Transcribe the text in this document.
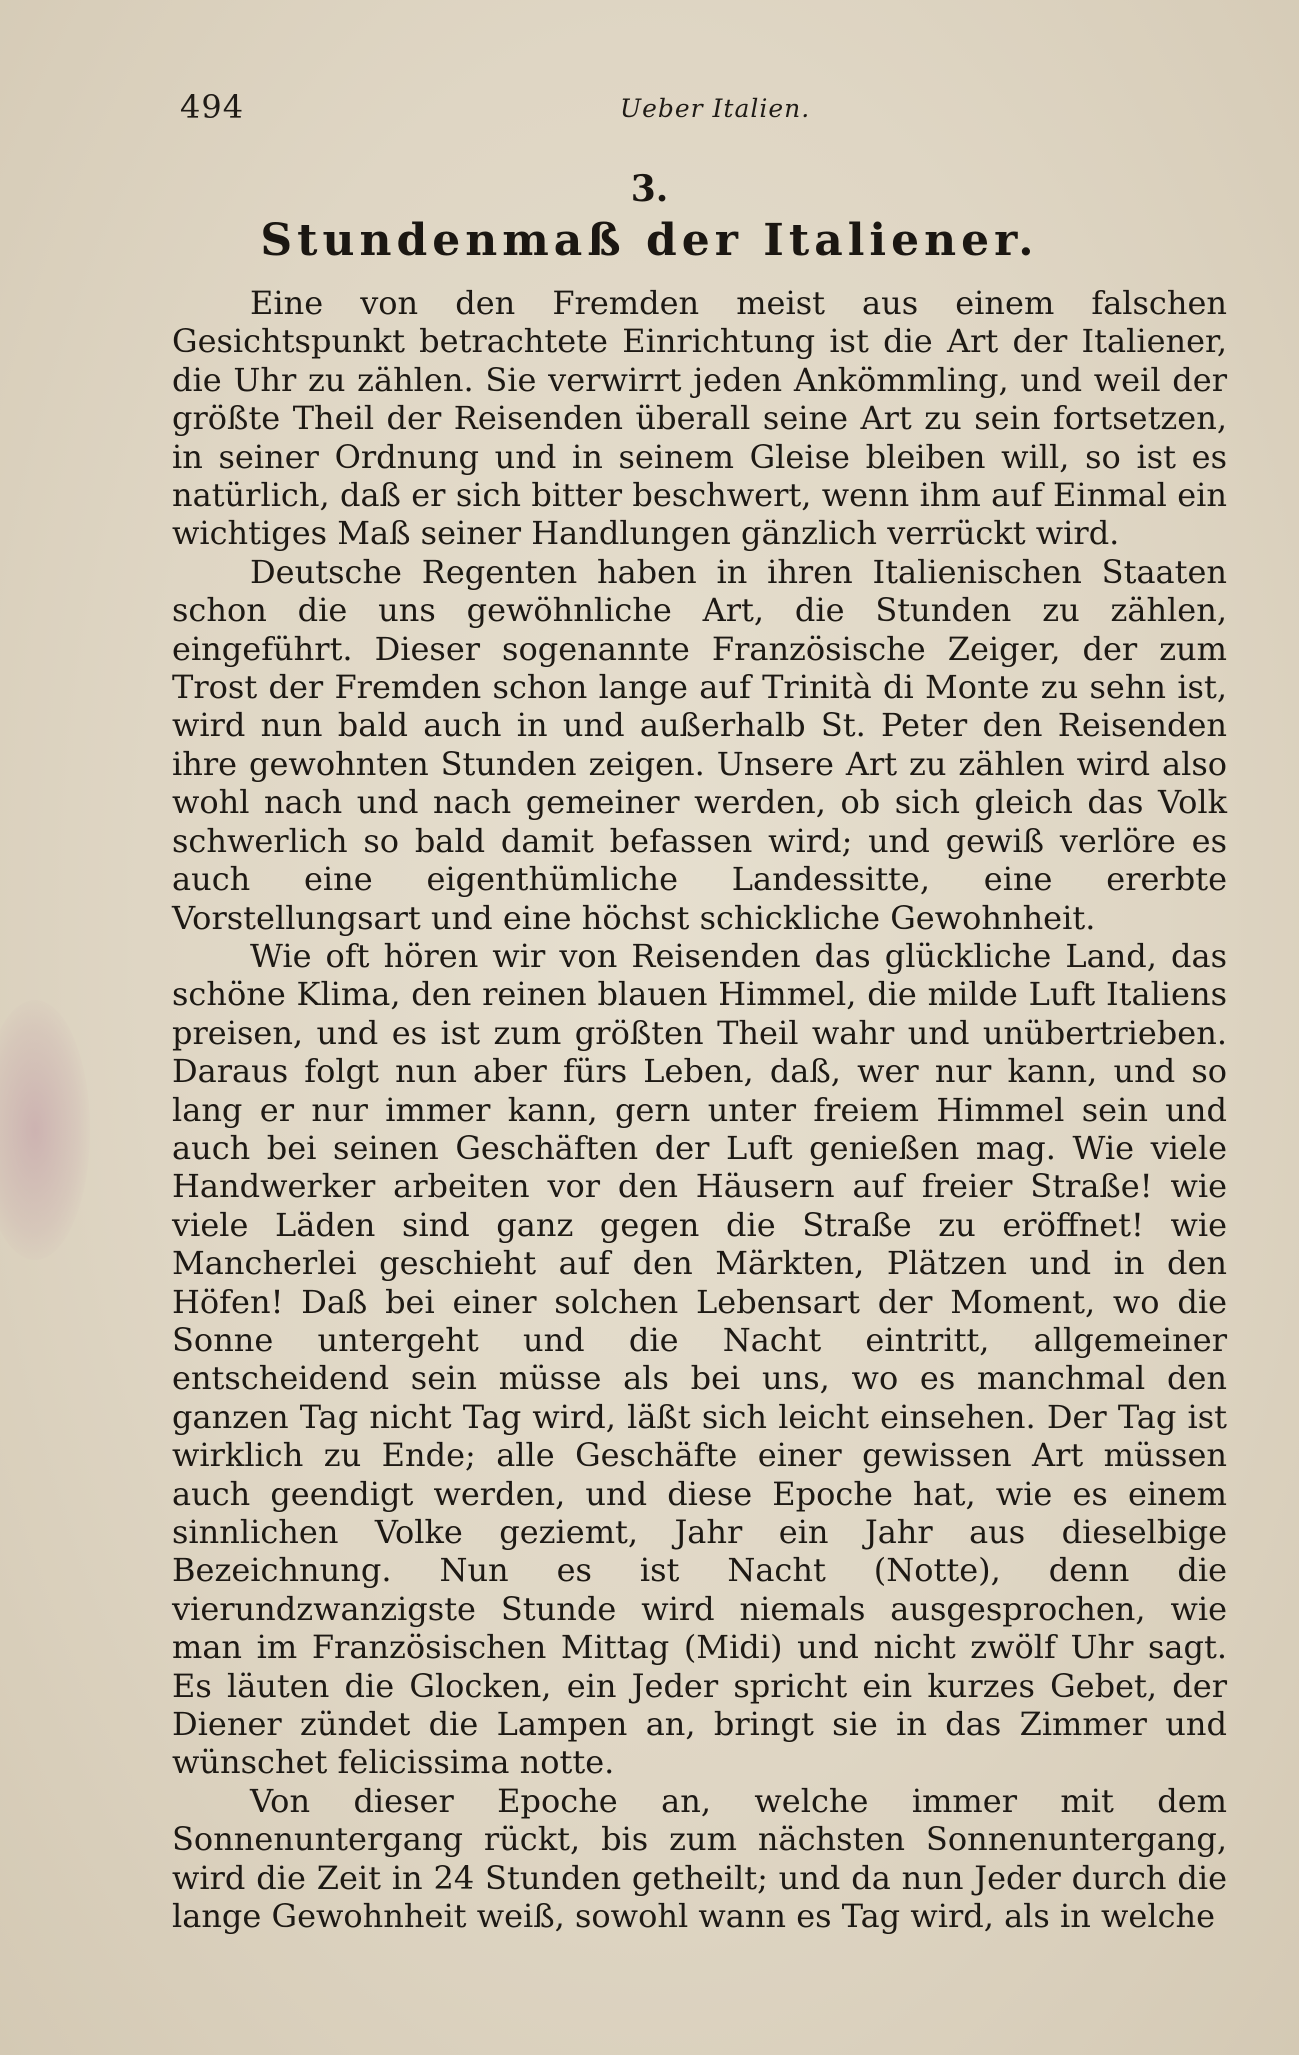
494	Ueber Italien.
3.
Stundenmaß der Italiener.

Eine von den Fremden meist aus einem falschen Gesichtspunkt betrachtete Einrichtung ist die Art der Italiener, die Uhr zu zählen. Sie verwirrt jeden Ankömmling, und weil der größte Theil der Reisenden überall seine Art zu sein fortsetzen, in seiner Ordnung und in seinem Gleise bleiben will, so ist es natürlich, daß er sich bitter beschwert, wenn ihm auf Einmal ein wichtiges Maß seiner Handlungen gänzlich verrückt wird.

Deutsche Regenten haben in ihren Italienischen Staaten schon die uns gewöhnliche Art, die Stunden zu zählen, eingeführt. Dieser sogenannte Französische Zeiger, der zum Trost der Fremden schon lange auf Trinità di Monte zu sehn ist, wird nun bald auch in und außerhalb St. Peter den Reisenden ihre gewohnten Stunden zeigen. Unsere Art zu zählen wird also wohl nach und nach gemeiner werden, ob sich gleich das Volk schwerlich so bald damit befassen wird; und gewiß verlöre es auch eine eigenthümliche Landessitte, eine ererbte Vorstellungsart und eine höchst schickliche Gewohnheit.

Wie oft hören wir von Reisenden das glückliche Land, das schöne Klima, den reinen blauen Himmel, die milde Luft Italiens preisen, und es ist zum größten Theil wahr und unübertrieben. Daraus folgt nun aber fürs Leben, daß, wer nur kann, und so lang er nur immer kann, gern unter freiem Himmel sein und auch bei seinen Geschäften der Luft genießen mag. Wie viele Handwerker arbeiten vor den Häusern auf freier Straße! wie viele Läden sind ganz gegen die Straße zu eröffnet! wie Mancherlei geschieht auf den Märkten, Plätzen und in den Höfen! Daß bei einer solchen Lebensart der Moment, wo die Sonne untergeht und die Nacht eintritt, allgemeiner entscheidend sein müsse als bei uns, wo es manchmal den ganzen Tag nicht Tag wird, läßt sich leicht einsehen. Der Tag ist wirklich zu Ende; alle Geschäfte einer gewissen Art müssen auch geendigt werden, und diese Epoche hat, wie es einem sinnlichen Volke geziemt, Jahr ein Jahr aus dieselbige Bezeichnung. Nun es ist Nacht (Notte), denn die vierundzwanzigste Stunde wird niemals ausgesprochen, wie man im Französischen Mittag (Midi) und nicht zwölf Uhr sagt. Es läuten die Glocken, ein Jeder spricht ein kurzes Gebet, der Diener zündet die Lampen an, bringt sie in das Zimmer und wünschet felicissima notte.

Von dieser Epoche an, welche immer mit dem Sonnenuntergang rückt, bis zum nächsten Sonnenuntergang, wird die Zeit in 24 Stunden getheilt; und da nun Jeder durch die lange Gewohnheit weiß, sowohl wann es Tag wird, als in welche
